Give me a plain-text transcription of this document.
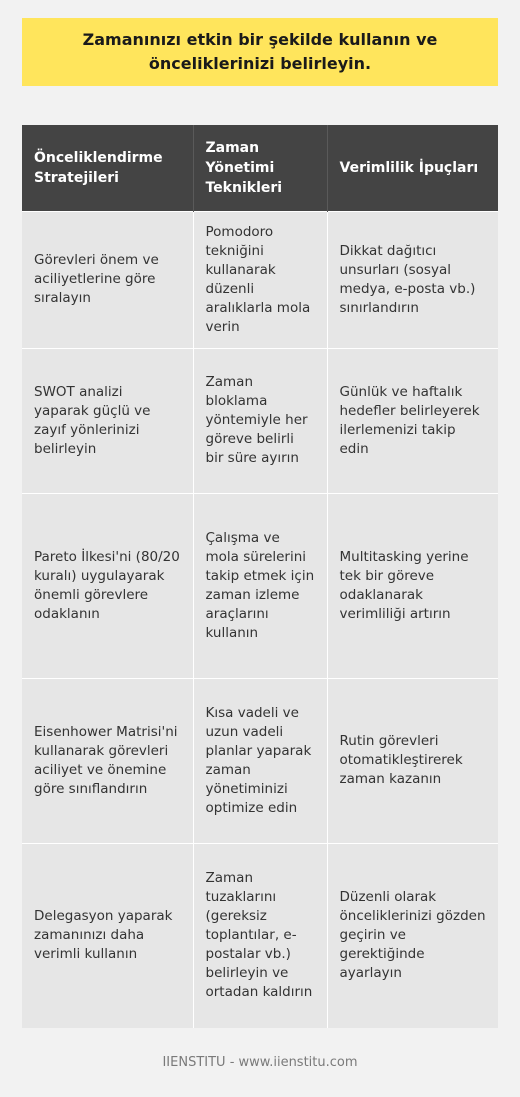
Zamanınızı etkin bir şekilde kullanın ve önceliklerinizi belirleyin.
Önceliklendirme Stratejileri	Zaman Yönetimi Teknikleri	Verimlilik İpuçları
Görevleri önem ve aciliyetlerine göre sıralayın	Pomodoro tekniğini kullanarak düzenli aralıklarla mola verin	Dikkat dağıtıcı unsurları (sosyal medya, e-posta vb.) sınırlandırın
SWOT analizi yaparak güçlü ve zayıf yönlerinizi belirleyin	Zaman bloklama yöntemiyle her göreve belirli bir süre ayırın	Günlük ve haftalık hedefler belirleyerek ilerlemenizi takip edin
Pareto İlkesi'ni (80/20 kuralı) uygulayarak önemli görevlere odaklanın	Çalışma ve mola sürelerini takip etmek için zaman izleme araçlarını kullanın	Multitasking yerine tek bir göreve odaklanarak verimliliği artırın
Eisenhower Matrisi'ni kullanarak görevleri aciliyet ve önemine göre sınıflandırın	Kısa vadeli ve uzun vadeli planlar yaparak zaman yönetiminizi optimize edin	Rutin görevleri otomatikleştirerek zaman kazanın
Delegasyon yaparak zamanınızı daha verimli kullanın	Zaman tuzaklarını (gereksiz toplantılar, e-postalar vb.) belirleyin ve ortadan kaldırın	Düzenli olarak önceliklerinizi gözden geçirin ve gerektiğinde ayarlayın
IIENSTITU - www.iienstitu.com
